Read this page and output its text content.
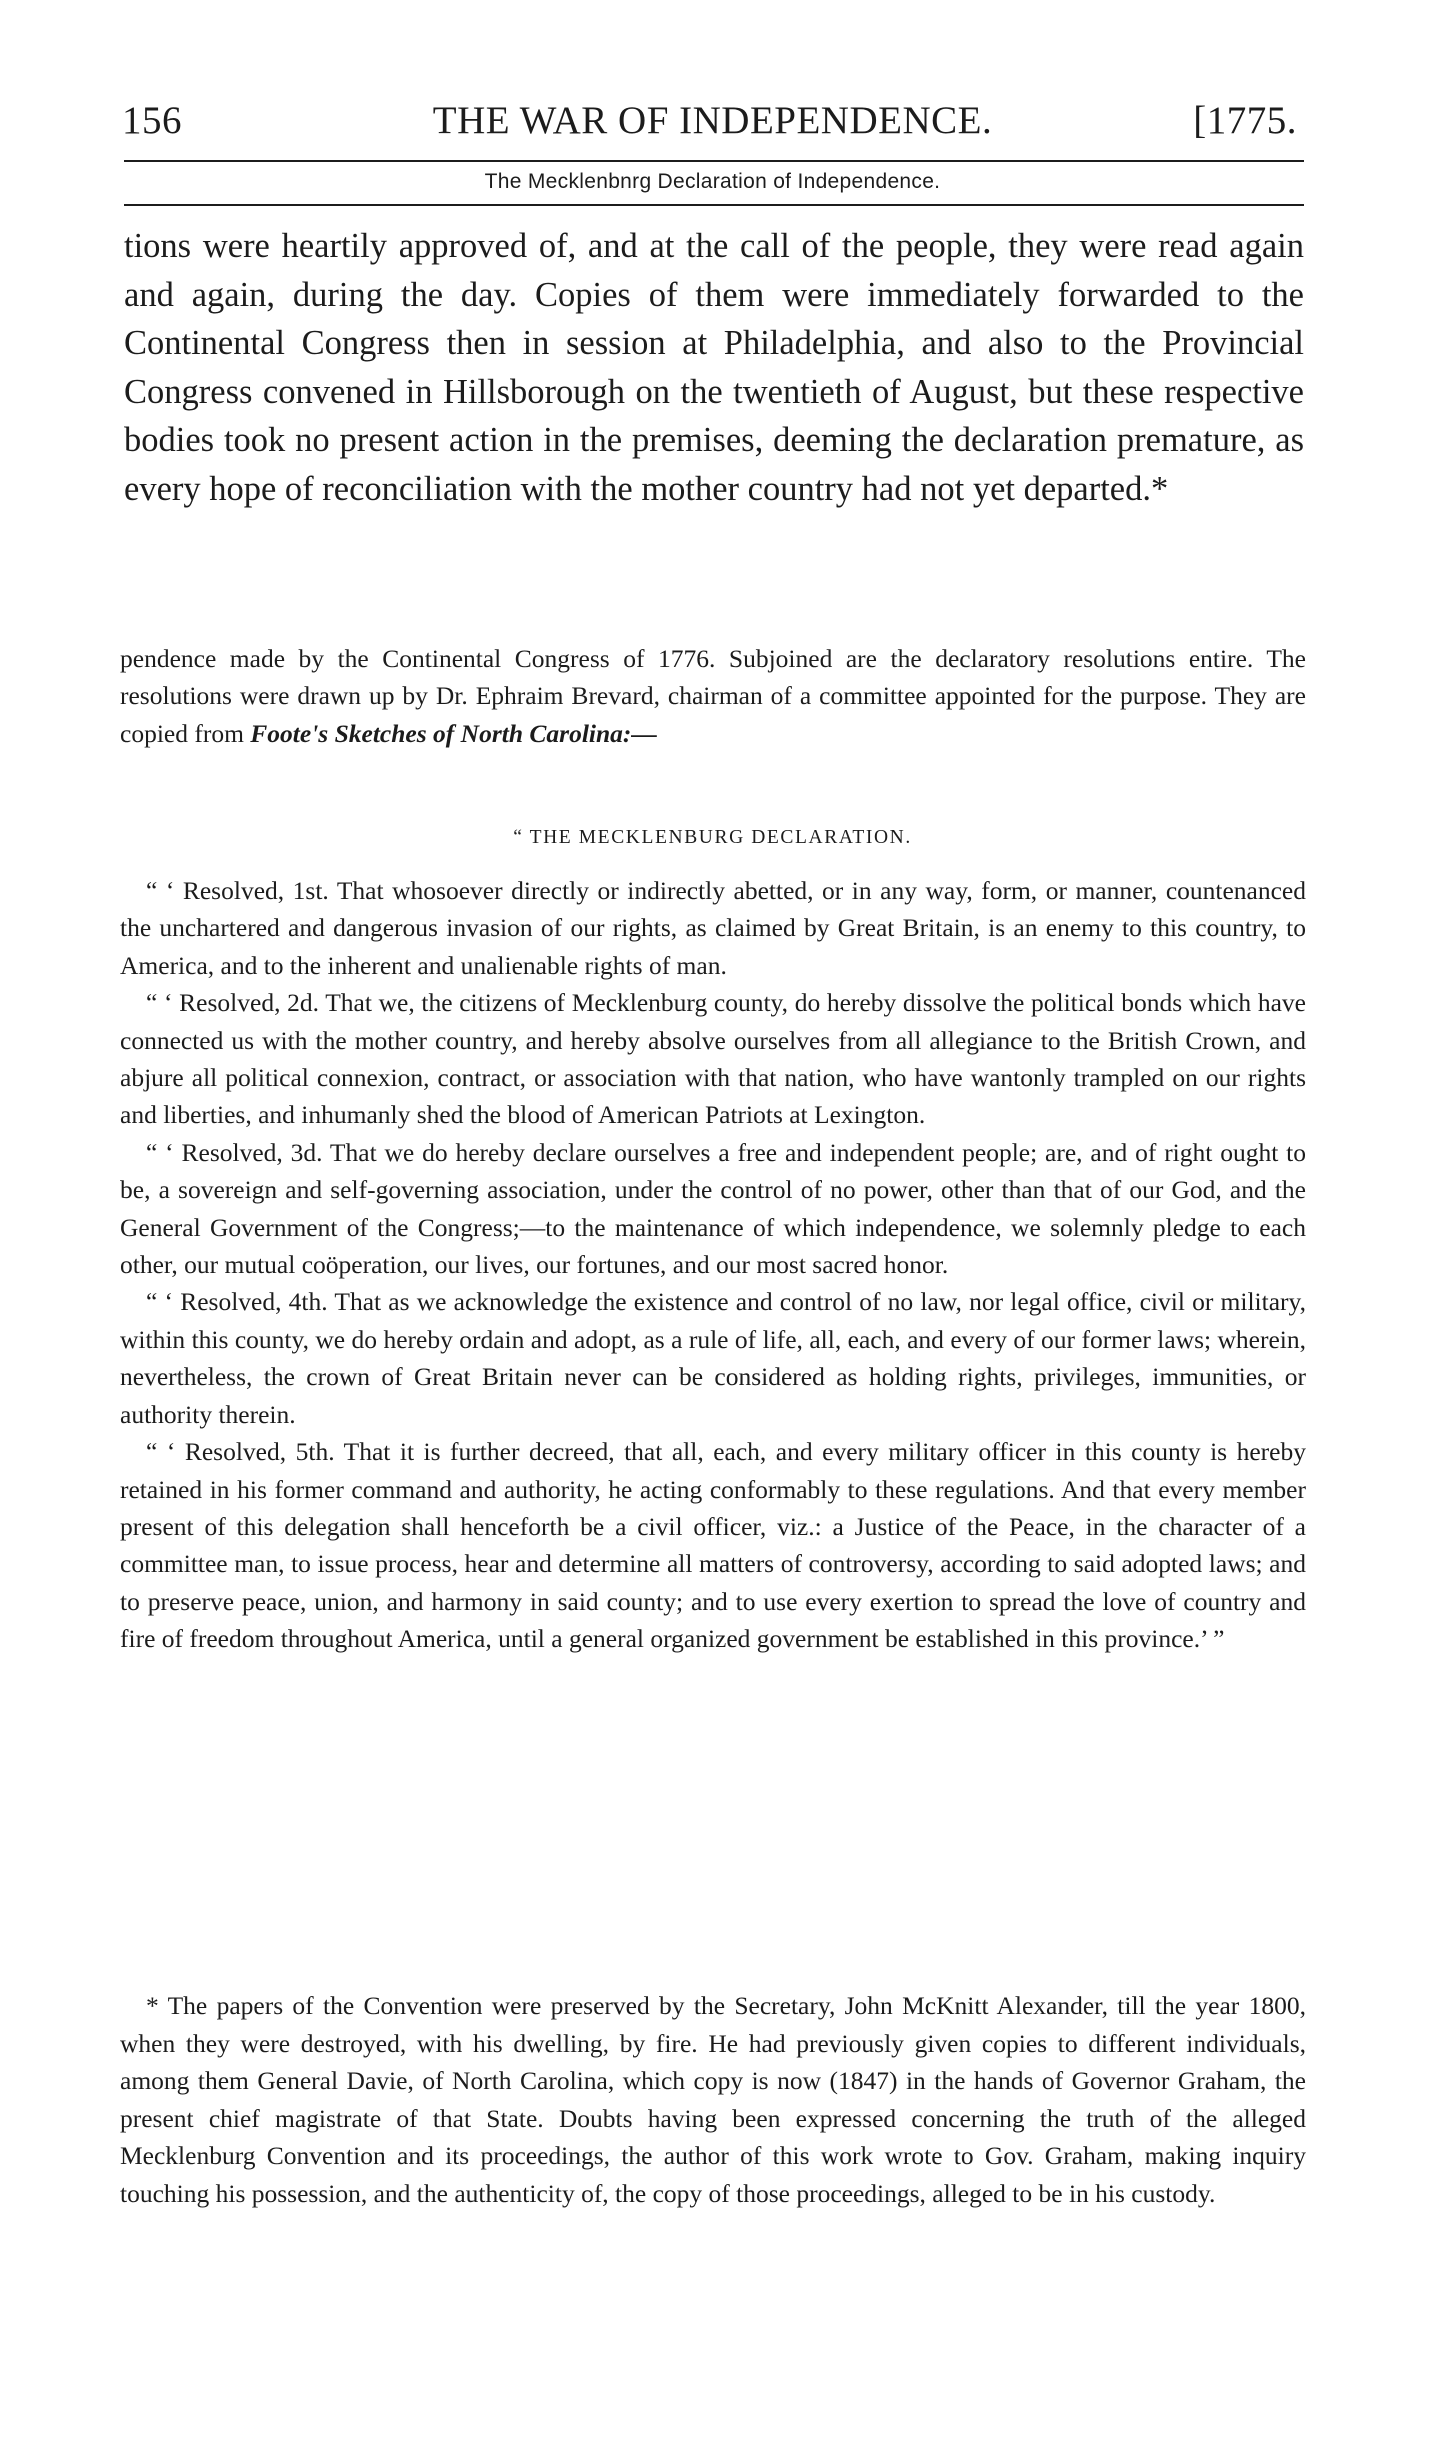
156	THE WAR OF INDEPENDENCE.	[1775.
The Mecklenbnrg Declaration of Independence.

tions were heartily approved of, and at the call of the people, they were read again and again, during the day. Copies of them were immediately forwarded to the Continental Congress then in session at Philadelphia, and also to the Provincial Congress convened in Hillsborough on the twentieth of August, but these respective bodies took no present action in the premises, deeming the declaration premature, as every hope of reconciliation with the mother country had not yet departed.*

pendence made by the Continental Congress of 1776. Subjoined are the declaratory resolutions entire. The resolutions were drawn up by Dr. Ephraim Brevard, chairman of a committee appointed for the purpose. They are copied from Foote's Sketches of North Carolina:—
“ THE MECKLENBURG DECLARATION.

“ ‘ Resolved, 1st. That whosoever directly or indirectly abetted, or in any way, form, or manner, countenanced the unchartered and dangerous invasion of our rights, as claimed by Great Britain, is an enemy to this country, to America, and to the inherent and unalienable rights of man.

“ ‘ Resolved, 2d. That we, the citizens of Mecklenburg county, do hereby dissolve the political bonds which have connected us with the mother country, and hereby absolve ourselves from all allegiance to the British Crown, and abjure all political connexion, contract, or association with that nation, who have wantonly trampled on our rights and liberties, and inhumanly shed the blood of American Patriots at Lexington.

“ ‘ Resolved, 3d. That we do hereby declare ourselves a free and independent people; are, and of right ought to be, a sovereign and self-governing association, under the control of no power, other than that of our God, and the General Government of the Congress;—to the maintenance of which independence, we solemnly pledge to each other, our mutual coöperation, our lives, our fortunes, and our most sacred honor.

“ ‘ Resolved, 4th. That as we acknowledge the existence and control of no law, nor legal office, civil or military, within this county, we do hereby ordain and adopt, as a rule of life, all, each, and every of our former laws; wherein, nevertheless, the crown of Great Britain never can be considered as holding rights, privileges, immunities, or authority therein.

“ ‘ Resolved, 5th. That it is further decreed, that all, each, and every military officer in this county is hereby retained in his former command and authority, he acting conformably to these regulations. And that every member present of this delegation shall henceforth be a civil officer, viz.: a Justice of the Peace, in the character of a committee man, to issue process, hear and determine all matters of controversy, according to said adopted laws; and to preserve peace, union, and harmony in said county; and to use every exertion to spread the love of country and fire of freedom throughout America, until a general organized government be established in this province.’ ”

* The papers of the Convention were preserved by the Secretary, John McKnitt Alexander, till the year 1800, when they were destroyed, with his dwelling, by fire. He had previously given copies to different individuals, among them General Davie, of North Carolina, which copy is now (1847) in the hands of Governor Graham, the present chief magistrate of that State. Doubts having been expressed concerning the truth of the alleged Mecklenburg Convention and its proceedings, the author of this work wrote to Gov. Graham, making inquiry touching his possession, and the authenticity of, the copy of those proceedings, alleged to be in his custody.
